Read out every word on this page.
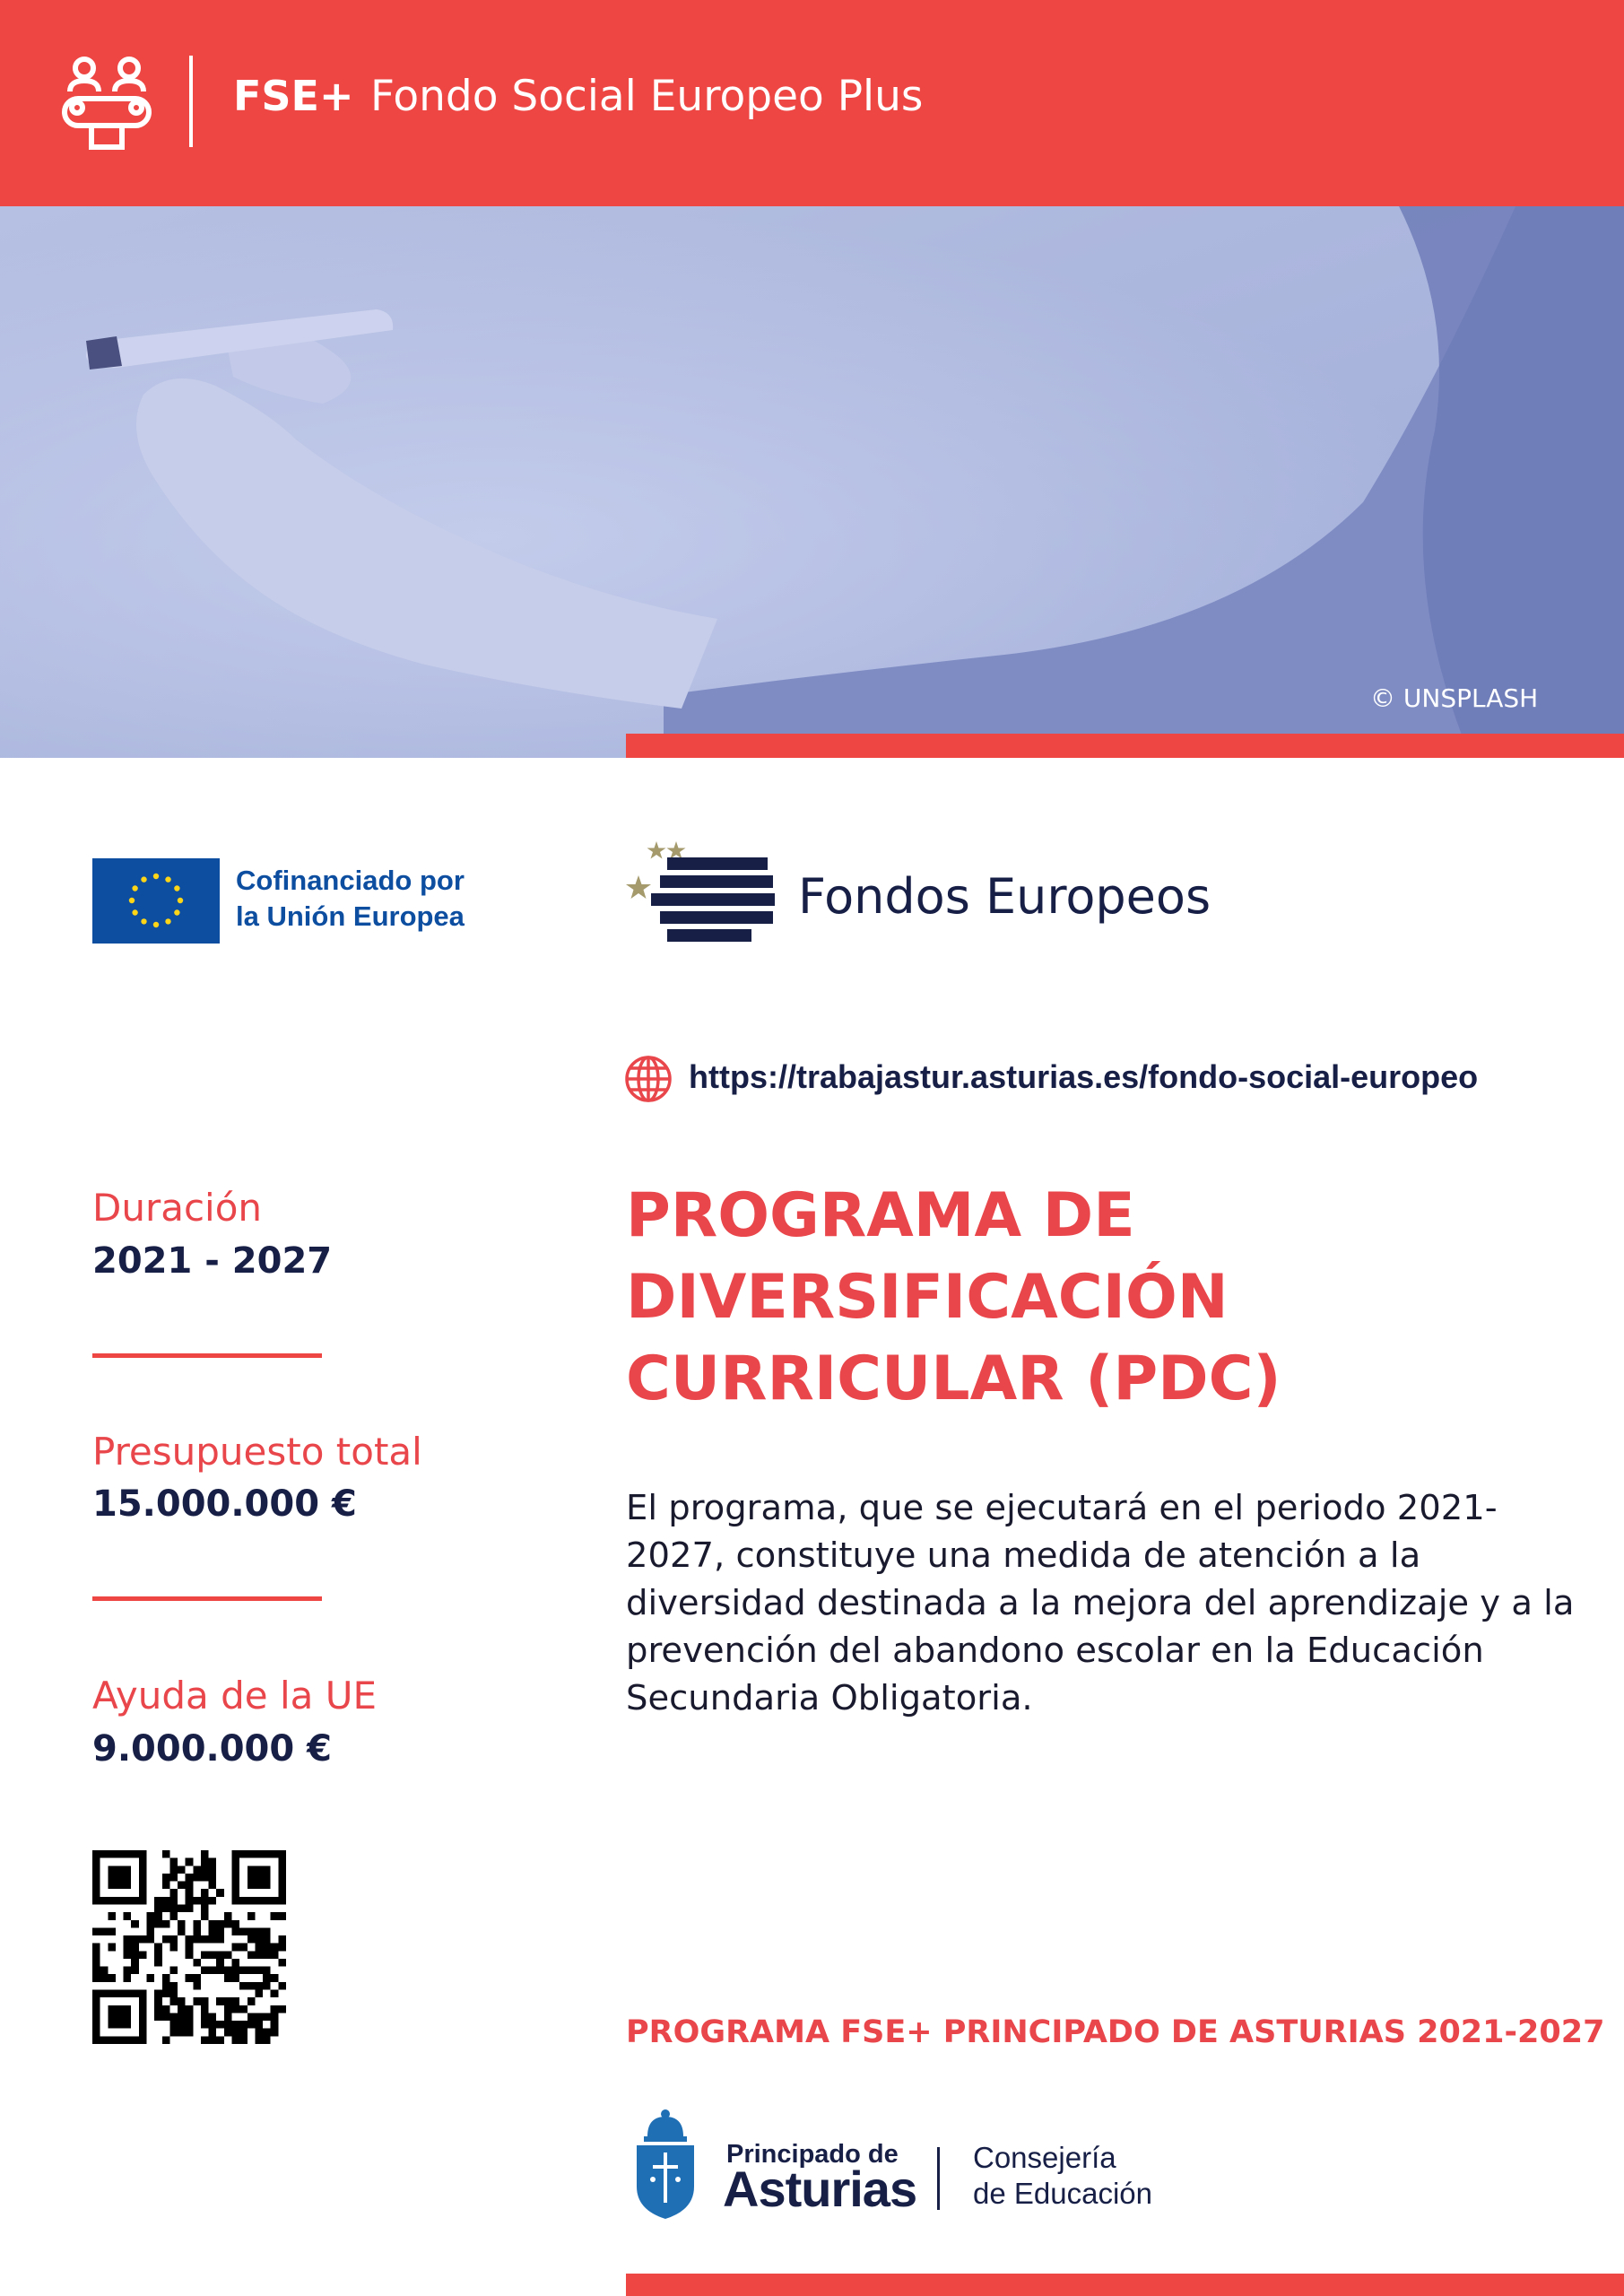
FSE+ Fondo Social Europeo Plus
© UNSPLASH
Cofinanciado por
la Unión Europea	Fondos Europeos
https://trabajastur.asturias.es/fondo-social-europeo
Duración
2021 - 2027
Presupuesto total
15.000.000 €
Ayuda de la UE
9.000.000 €
PROGRAMA DE
DIVERSIFICACIÓN
CURRICULAR (PDC)
El programa, que se ejecutará en el periodo 2021-2027, constituye una medida de atención a la diversidad destinada a la mejora del aprendizaje y a la prevención del abandono escolar en la Educación Secundaria Obligatoria.
PROGRAMA FSE+ PRINCIPADO DE ASTURIAS 2021-2027
Principado de
Asturias
Consejería
de Educación
